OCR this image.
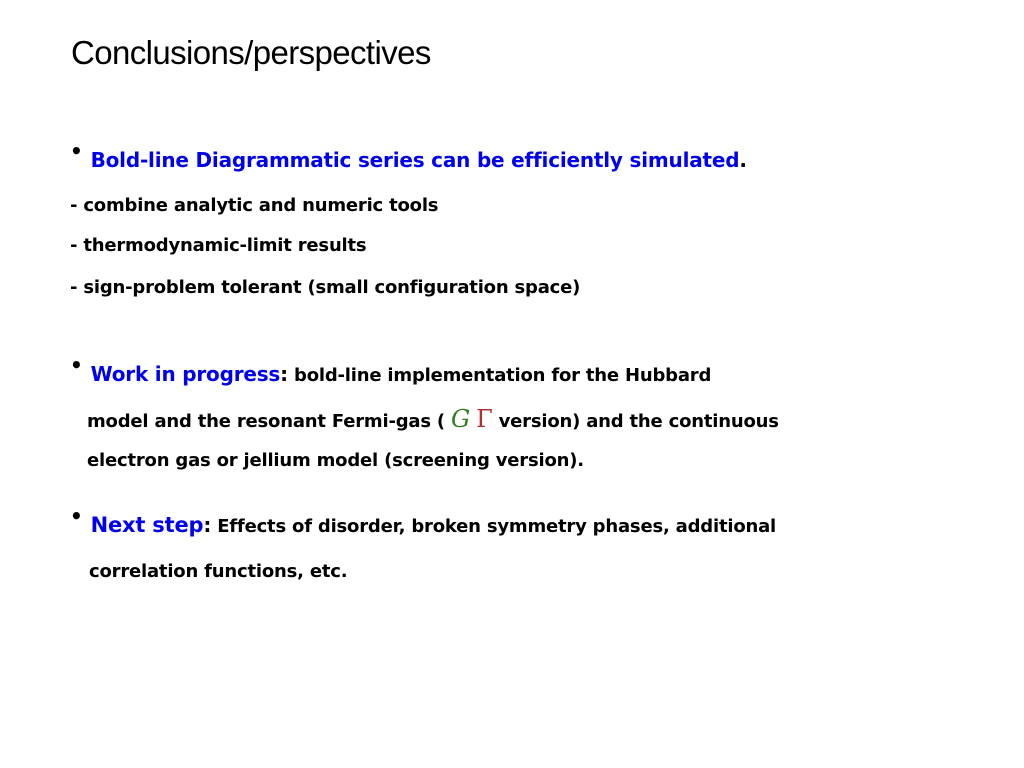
Conclusions/perspectives
• Bold-line Diagrammatic series can be efficiently simulated.
- combine analytic and numeric tools
- thermodynamic-limit results
- sign-problem tolerant (small configuration space)
• Work in progress: bold-line implementation for the Hubbard
model and the resonant Fermi-gas ( G Γ version) and the continuous
electron gas or jellium model (screening version).
• Next step: Effects of disorder, broken symmetry phases, additional
correlation functions, etc.
